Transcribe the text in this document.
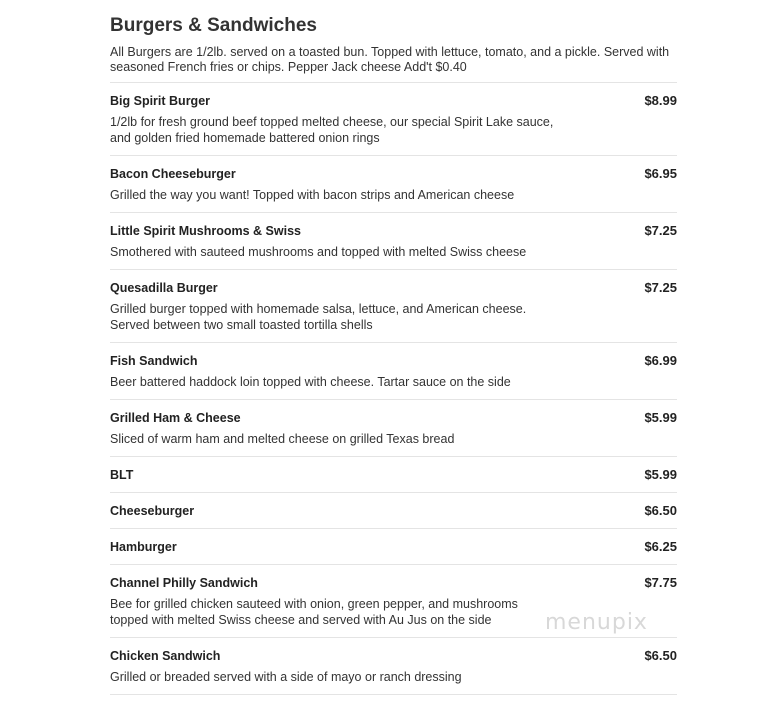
Burgers & Sandwiches
All Burgers are 1/2lb. served on a toasted bun. Topped with lettuce, tomato, and a pickle. Served with seasoned French fries or chips. Pepper Jack cheese Add't $0.40
Big Spirit Burger	$8.99
1/2lb for fresh ground beef topped melted cheese, our special Spirit Lake sauce,
and golden fried homemade battered onion rings
Bacon Cheeseburger	$6.95
Grilled the way you want! Topped with bacon strips and American cheese
Little Spirit Mushrooms & Swiss	$7.25
Smothered with sauteed mushrooms and topped with melted Swiss cheese
Quesadilla Burger	$7.25
Grilled burger topped with homemade salsa, lettuce, and American cheese.
Served between two small toasted tortilla shells
Fish Sandwich	$6.99
Beer battered haddock loin topped with cheese. Tartar sauce on the side
Grilled Ham & Cheese	$5.99
Sliced of warm ham and melted cheese on grilled Texas bread
BLT	$5.99
Cheeseburger	$6.50
Hamburger	$6.25
Channel Philly Sandwich	$7.75
Bee for grilled chicken sauteed with onion, green pepper, and mushrooms
topped with melted Swiss cheese and served with Au Jus on the side
Chicken Sandwich	$6.50
Grilled or breaded served with a side of mayo or ranch dressing
menupix
